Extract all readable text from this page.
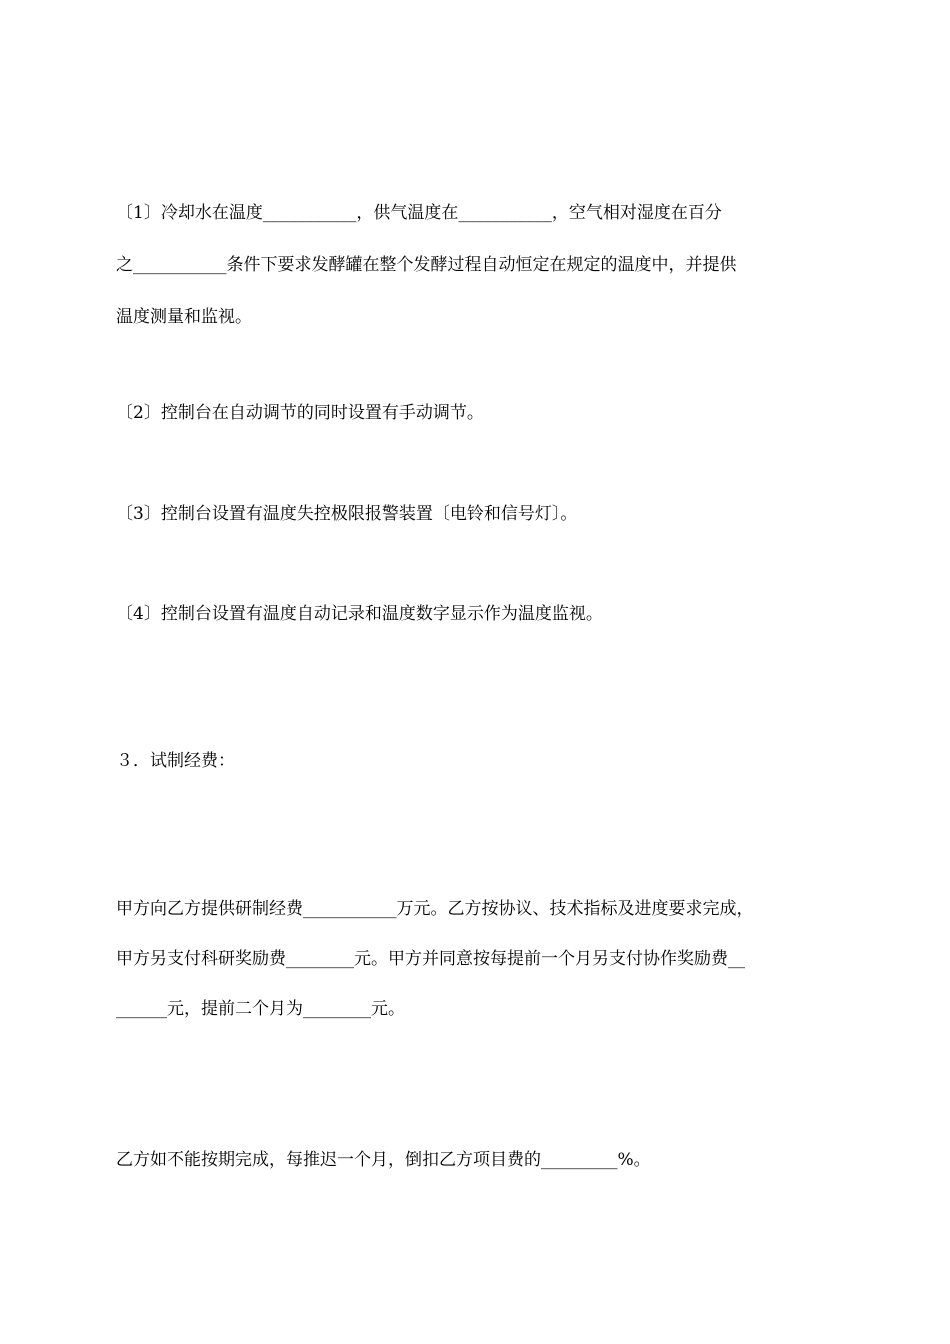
〔1〕冷却水在温度___________，供气温度在___________，空气相对湿度在百分
之___________条件下要求发酵罐在整个发酵过程自动恒定在规定的温度中，并提供
温度测量和监视。
〔2〕控制台在自动调节的同时设置有手动调节。
〔3〕控制台设置有温度失控极限报警装置〔电铃和信号灯〕。
〔4〕控制台设置有温度自动记录和温度数字显示作为温度监视。
３．试制经费：
甲方向乙方提供研制经费___________万元。乙方按协议、技术指标及进度要求完成，
甲方另支付科研奖励费________元。甲方并同意按每提前一个月另支付协作奖励费__
______元，提前二个月为________元。
乙方如不能按期完成，每推迟一个月，倒扣乙方项目费的_________%。
